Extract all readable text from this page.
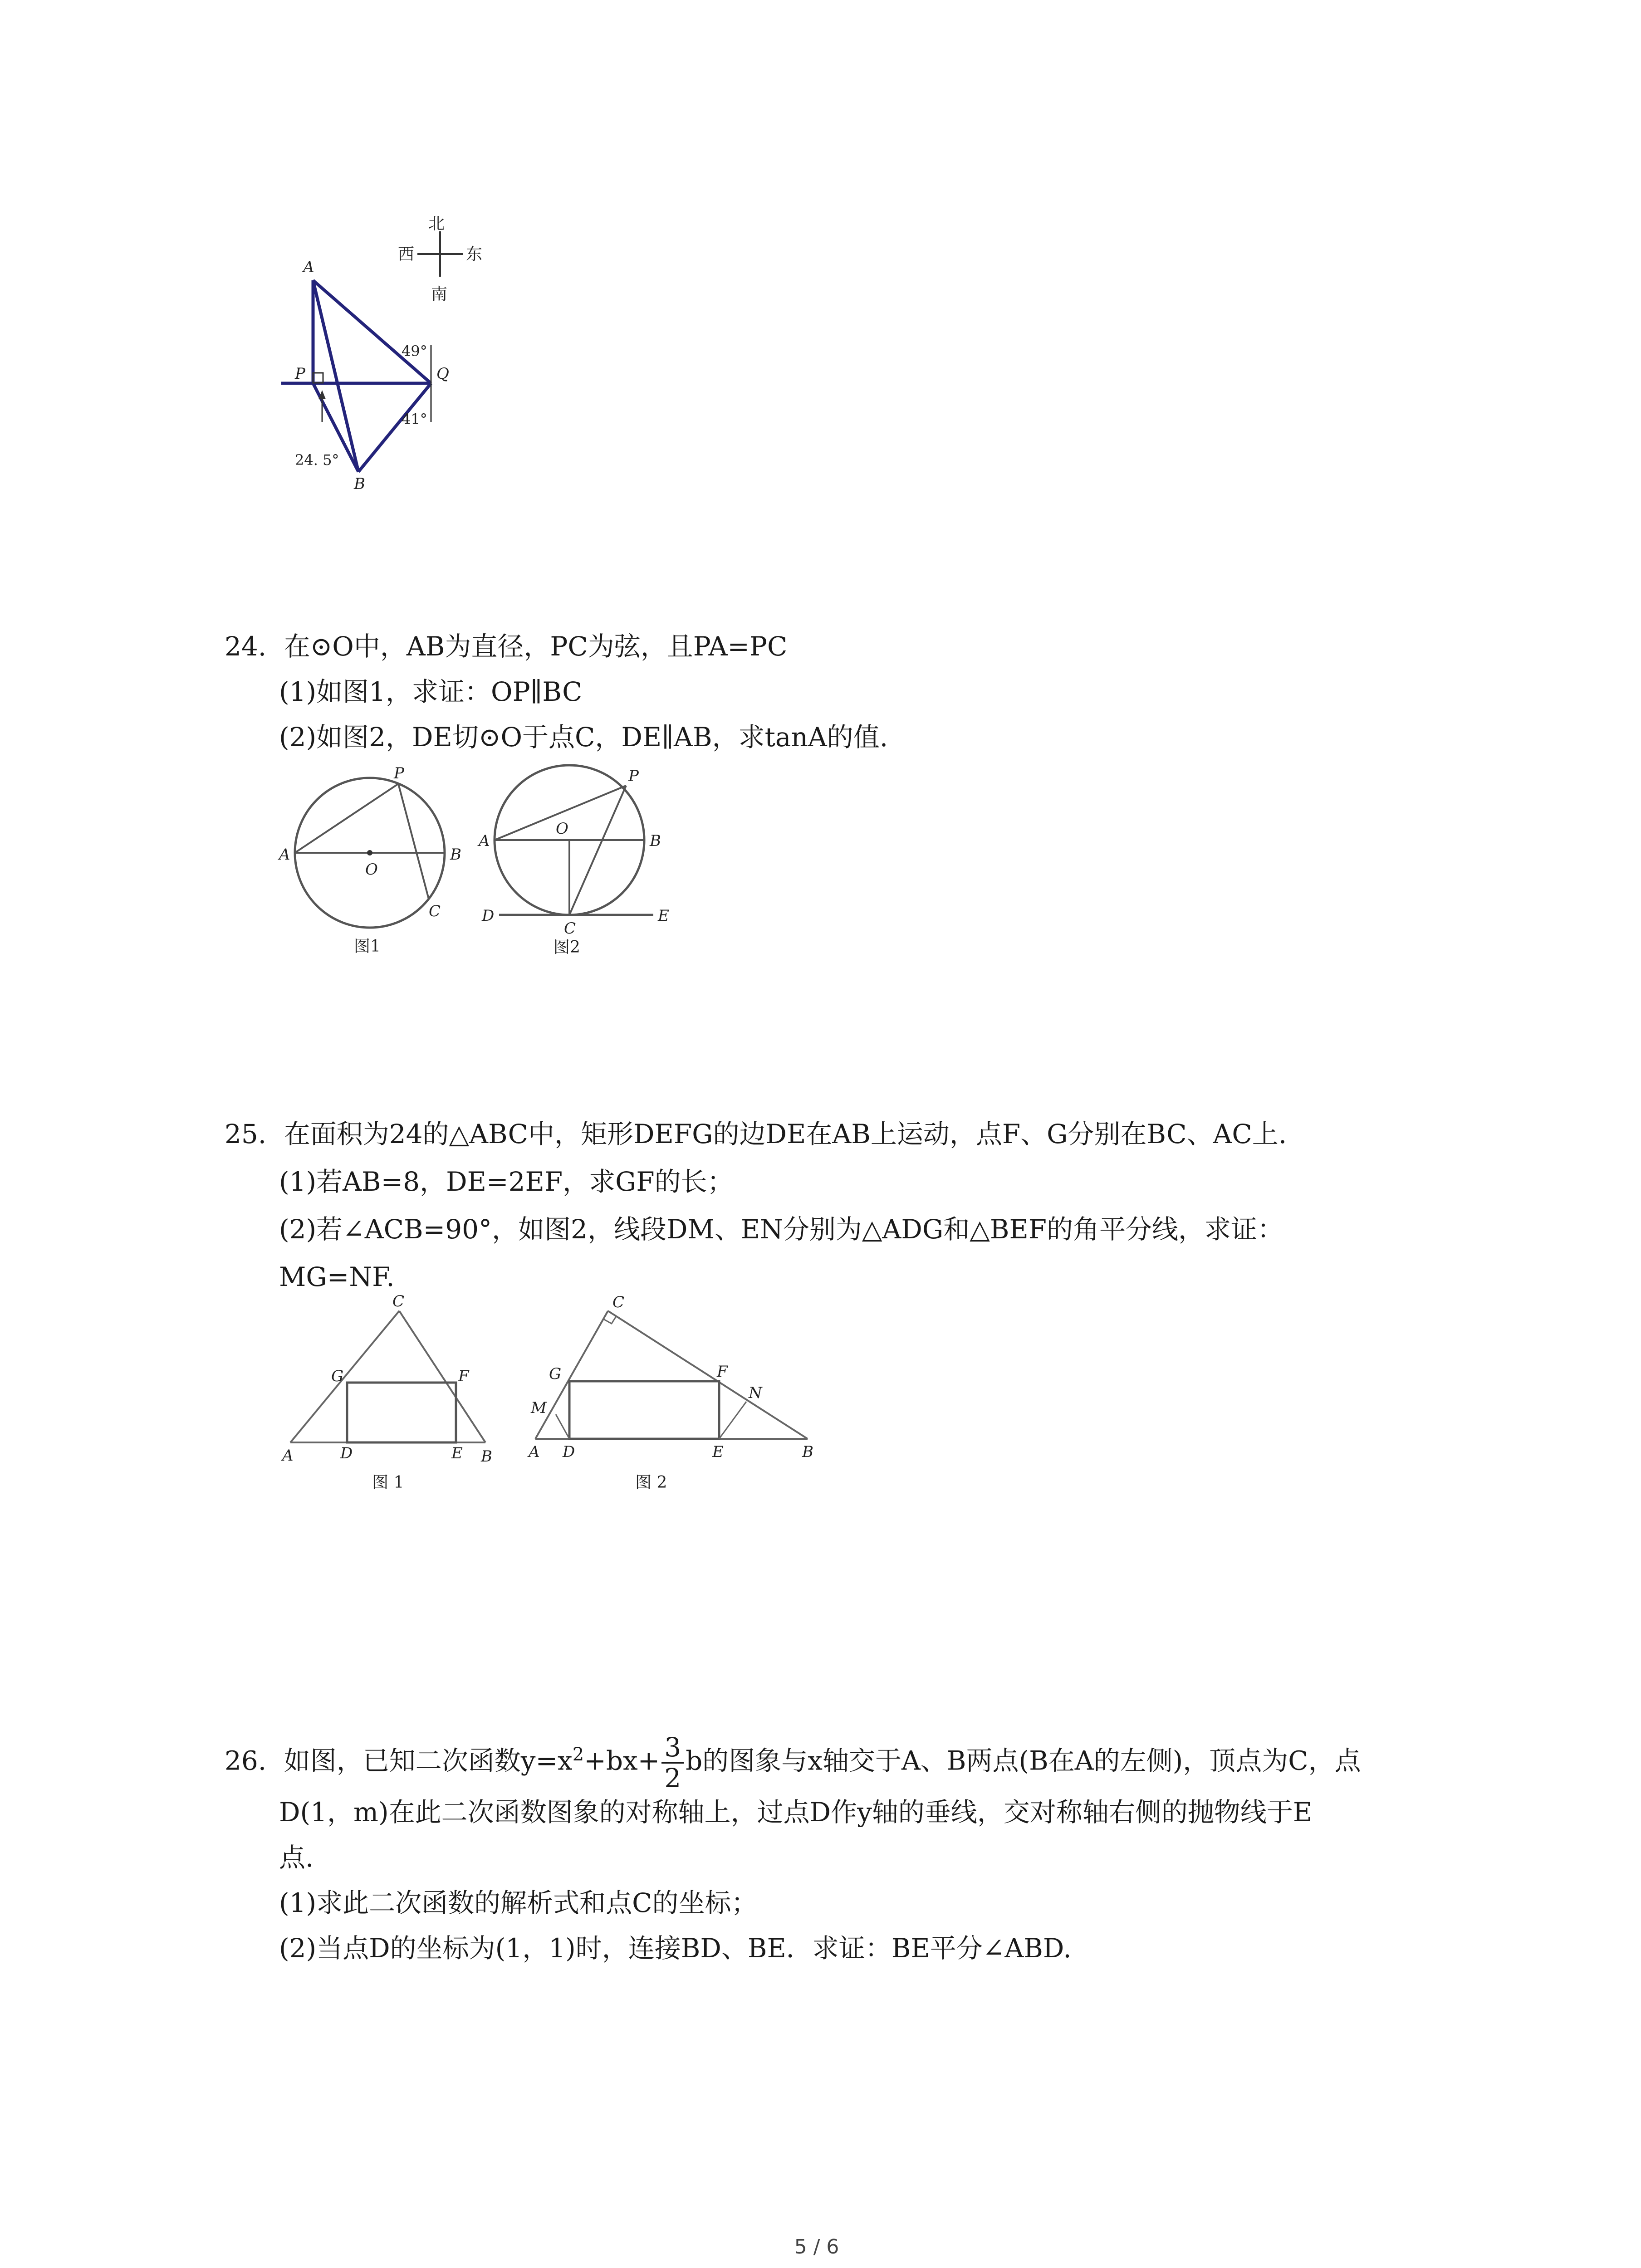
北
西	东
南
A
P	Q
B
49°
41°
24. 5°
24. 在⊙O中，AB为直径，PC为弦，且PA=PC
(1)如图1，求证：OP∥BC
(2)如图2，DE切⊙O于点C，DE∥AB，求tanA的值.
A	B
O
P
C
图1
A	B
O
P
C
D	E
图2
25. 在面积为24的△ABC中，矩形DEFG的边DE在AB上运动，点F、G分别在BC、AC上.
(1)若AB=8，DE=2EF，求GF的长；
(2)若∠ACB=90°，如图2，线段DM、EN分别为△ADG和△BEF的角平分线，求证：
MG=NF.
C
G	F
A	D	E B
图 1
C
G	F
N
M
A D	E	B
图 2
26. 如图，已知二次函数$y=x^2+bx+ \frac{3}{2}$ b的图象与x轴交于A、B两点(B在A的左侧)，顶点为C，点
D(1，m)在此二次函数图象的对称轴上，过点D作y轴的垂线，交对称轴右侧的抛物线于E
点.
(1)求此二次函数的解析式和点C的坐标；
(2)当点D的坐标为(1，1)时，连接BD、BE．求证：BE平分∠ABD.
5 / 6
